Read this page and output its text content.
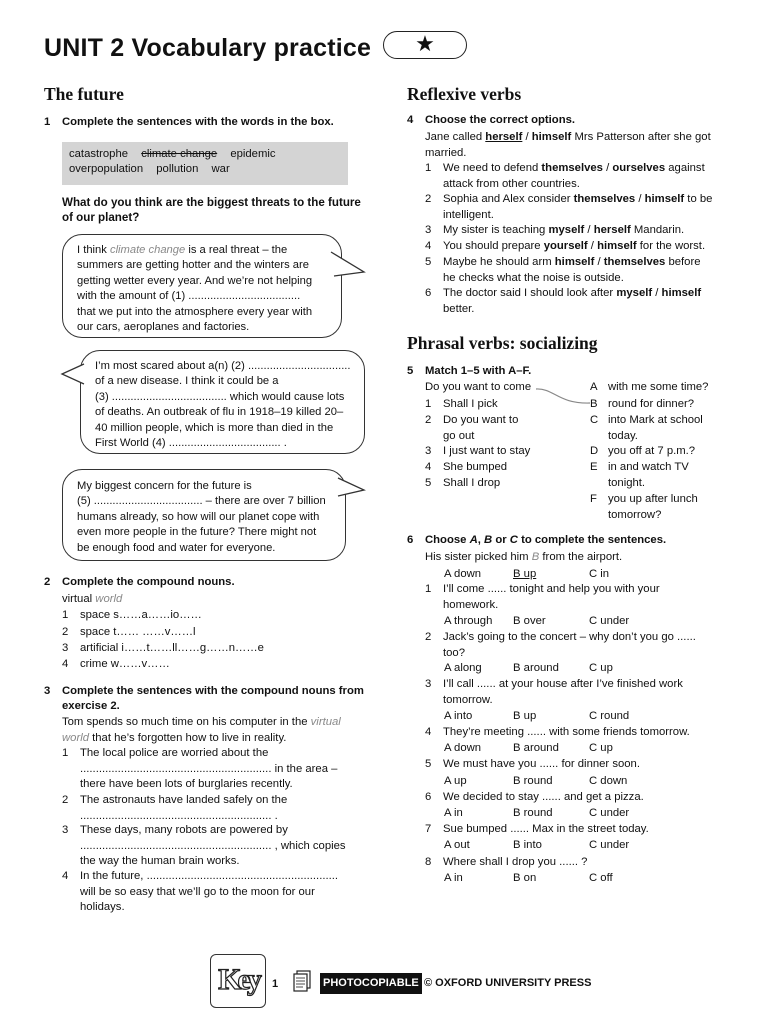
UNIT 2 Vocabulary practice	★
The future
1	Complete the sentences with the words in the box.
catastrophe climate change epidemic
overpopulation pollution war
What do you think are the biggest threats to the future of our planet?
I think climate change is a real threat – the
summers are getting hotter and the winters are
getting wetter every year. And we’re not helping
with the amount of (1) ....................................
that we put into the atmosphere every year with
our cars, aeroplanes and factories.
I’m most scared about a(n) (2) .................................
of a new disease. I think it could be a
(3) ..................................... which would cause lots
of deaths. An outbreak of flu in 1918–19 killed 20–
40 million people, which is more than died in the
First World (4) .................................... .
My biggest concern for the future is
(5) ................................... – there are over 7 billion
humans already, so how will our planet cope with
even more people in the future? There might not
be enough food and water for everyone.
2	Complete the compound nouns.
virtual world
1	space s……a……io……
2	space t…… ……v……l
3	artificial i……t……ll……g……n……e
4	crime w……v……
3	Complete the sentences with the compound nouns from exercise 2.
Tom spends so much time on his computer in the virtual
world that he’s forgotten how to live in reality.
1	The local police are worried about the
............................................................. in the area –
there have been lots of burglaries recently.
2	The astronauts have landed safely on the
............................................................. .
3	These days, many robots are powered by
............................................................. , which copies
the way the human brain works.
4	In the future, .............................................................
will be so easy that we’ll go to the moon for our
holidays.
Reflexive verbs
4	Choose the correct options.
Jane called herself / himself Mrs Patterson after she got
married.
1	We need to defend themselves / ourselves against
attack from other countries.
2	Sophia and Alex consider themselves / himself to be
intelligent.
3	My sister is teaching myself / herself Mandarin.
4	You should prepare yourself / himself for the worst.
5	Maybe he should arm himself / themselves before
he checks what the noise is outside.
6	The doctor said I should look after myself / himself
better.
Phrasal verbs: socializing
5	Match 1–5 with A–F.
Do you want to come
1	Shall I pick
2	Do you want to
go out
3	I just want to stay
4	She bumped
5	Shall I drop
A with me some time?
B round for dinner?
C into Mark at school
today.
D you off at 7 p.m.?
E in and watch TV
tonight.
F you up after lunch
tomorrow?
6	Choose A, B or C to complete the sentences.
His sister picked him B from the airport.
A down	B up	C in
1	I’ll come ...... tonight and help you with your
homework.
A through B over	C under
2	Jack’s going to the concert – why don’t you go ......
too?
A along	B around	C up
3	I’ll call ...... at your house after I’ve finished work
tomorrow.
A into	B up	C round
4	They’re meeting ...... with some friends tomorrow.
A down	B around	C up
5	We must have you ...... for dinner soon.
A up	B round	C down
6	We decided to stay ...... and get a pizza.
A in	B round	C under
7	Sue bumped ...... Max in the street today.
A out	B into	C under
8	Where shall I drop you ...... ?
A in	B on	C off
Key	1	PHOTOCOPIABLE © OXFORD UNIVERSITY PRESS
